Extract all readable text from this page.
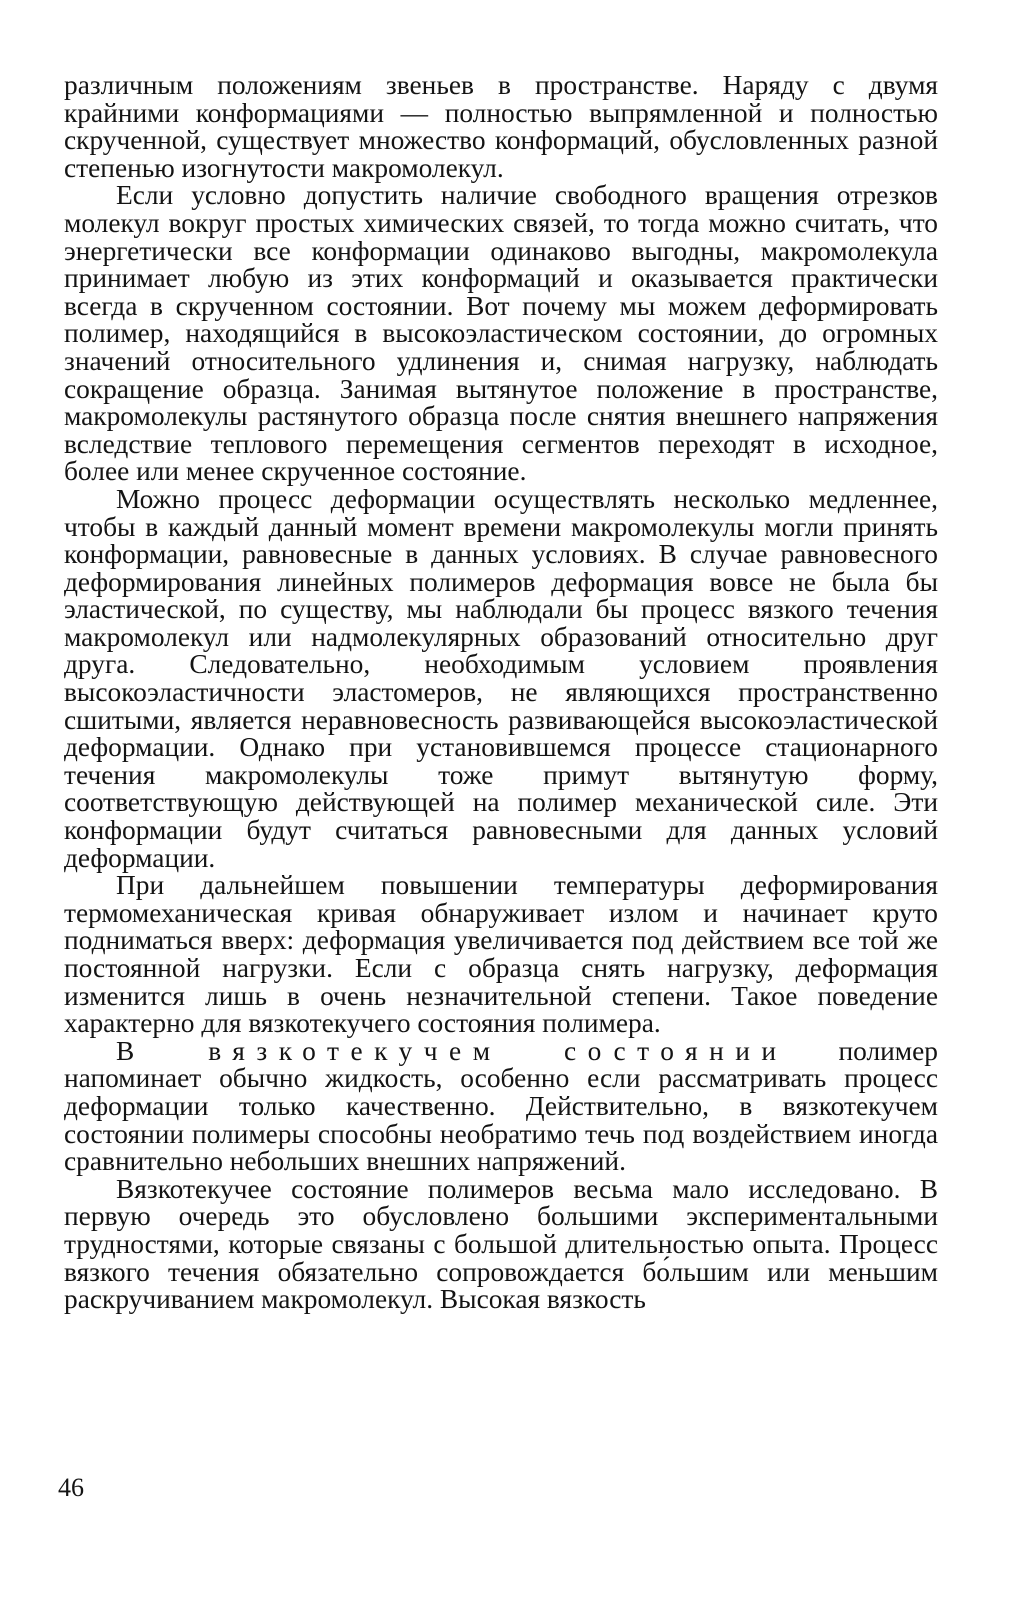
различным положениям звеньев в пространстве. Наряду с двумя крайними конформациями — полностью выпрямленной и полностью скрученной, существует множество конформаций, обусловленных разной степенью изогнутости макромолекул.

Если условно допустить наличие свободного вращения отрезков молекул вокруг простых химических связей, то тогда можно считать, что энергетически все конформации одинаково выгодны, макромолекула принимает любую из этих конформаций и оказывается практически всегда в скрученном состоянии. Вот почему мы можем деформировать полимер, находящийся в высокоэластическом состоянии, до огромных значений относительного удлинения и, снимая нагрузку, наблюдать сокращение образца. Занимая вытянутое положение в пространстве, макромолекулы растянутого образца после снятия внешнего напряжения вследствие теплового перемещения сегментов переходят в исходное, более или менее скрученное состояние.

Можно процесс деформации осуществлять несколько медленнее, чтобы в каждый данный момент времени макромолекулы могли принять конформации, равновесные в данных условиях. В случае равновесного деформирования линейных полимеров деформация вовсе не была бы эластической, по существу, мы наблюдали бы процесс вязкого течения макромолекул или надмолекулярных образований относительно друг друга. Следовательно, необходимым условием проявления высокоэластичности эластомеров, не являющихся пространственно сшитыми, является неравновесность развивающейся высокоэластической деформации. Однако при установившемся процессе стационарного течения макромолекулы тоже примут вытянутую форму, соответствующую действующей на полимер механической силе. Эти конформации будут считаться равновесными для данных условий деформации.

При дальнейшем повышении температуры деформирования термомеханическая кривая обнаруживает излом и начинает круто подниматься вверх: деформация увеличивается под действием все той же постоянной нагрузки. Если с образца снять нагрузку, деформация изменится лишь в очень незначительной степени. Такое поведение характерно для вязкотекучего состояния полимера.

В вязкотекучем состоянии полимер напоминает обычно жидкость, особенно если рассматривать процесс деформации только качественно. Действительно, в вязкотекучем состоянии полимеры способны необратимо течь под воздействием иногда сравнительно небольших внешних напряжений.

Вязкотекучее состояние полимеров весьма мало исследовано. В первую очередь это обусловлено большими экспериментальными трудностями, которые связаны с большой длительностью опыта. Процесс вязкого течения обязательно сопровождается бо́льшим или меньшим раскручиванием макромолекул. Высокая вязкость

46
